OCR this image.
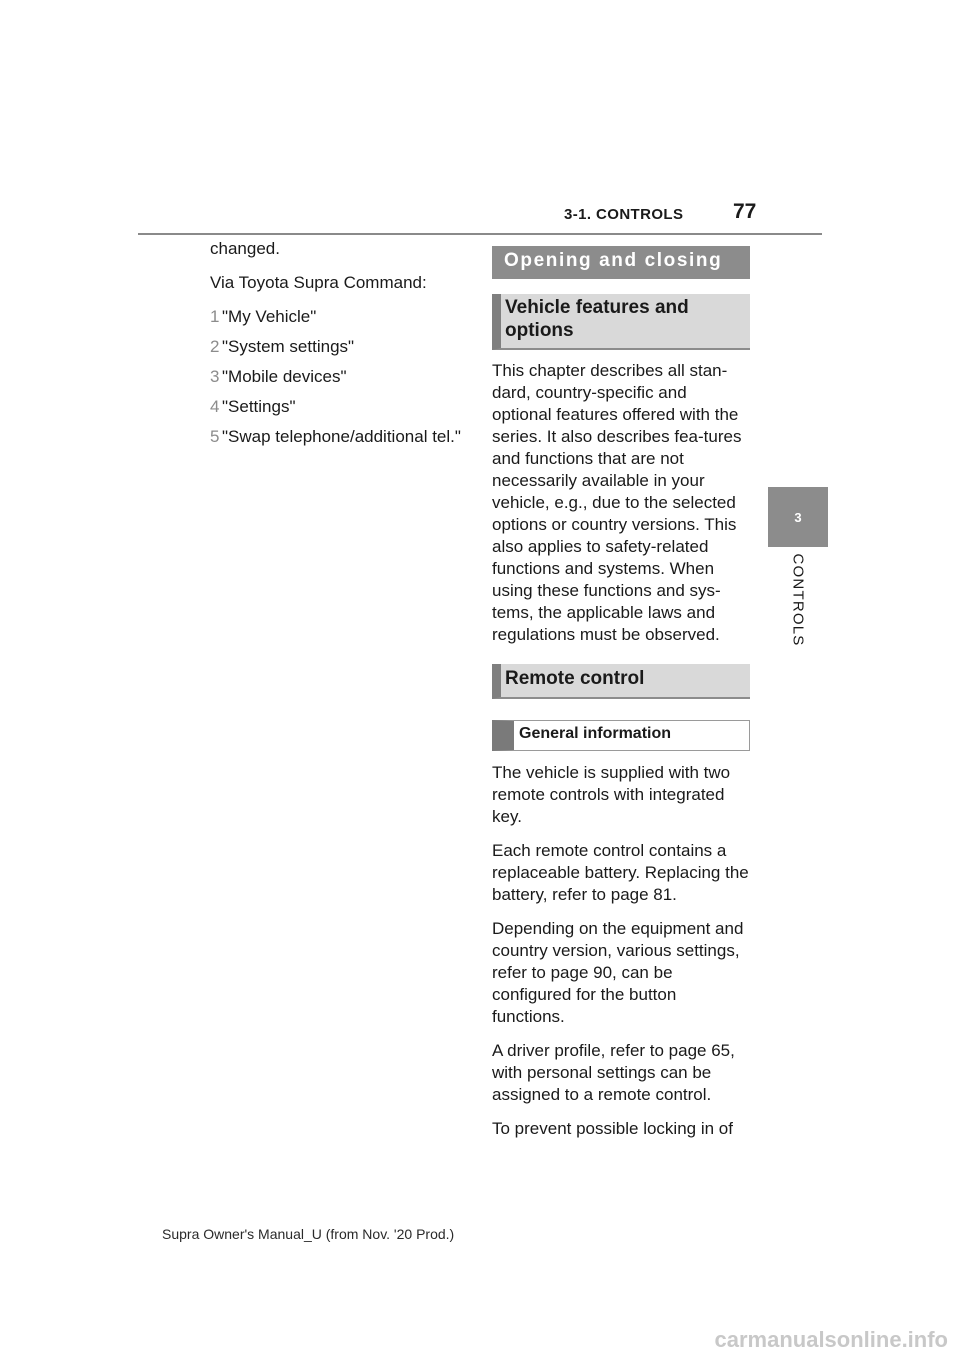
3-1. CONTROLS 77
3
CONTROLS

changed.

Via Toyota Supra Command:

1 "My Vehicle"
2 "System settings"
3 "Mobile devices"
4 "Settings"
5 "Swap telephone/additional tel."
Opening and closing
Vehicle features and options

This chapter describes all stan-dard, country-specific and optional features offered with the series. It also describes fea-tures and functions that are not necessarily available in your vehicle, e.g., due to the selected options or country versions. This also applies to safety-related functions and systems. When using these functions and sys-tems, the applicable laws and regulations must be observed.

Remote control
General information

The vehicle is supplied with two remote controls with integrated key.

Each remote control contains a replaceable battery. Replacing the battery, refer to page 81.

Depending on the equipment and country version, various settings, refer to page 90, can be configured for the button functions.

A driver profile, refer to page 65, with personal settings can be assigned to a remote control.

To prevent possible locking in of

Supra Owner's Manual_U (from Nov. '20 Prod.)
carmanualsonline.info
